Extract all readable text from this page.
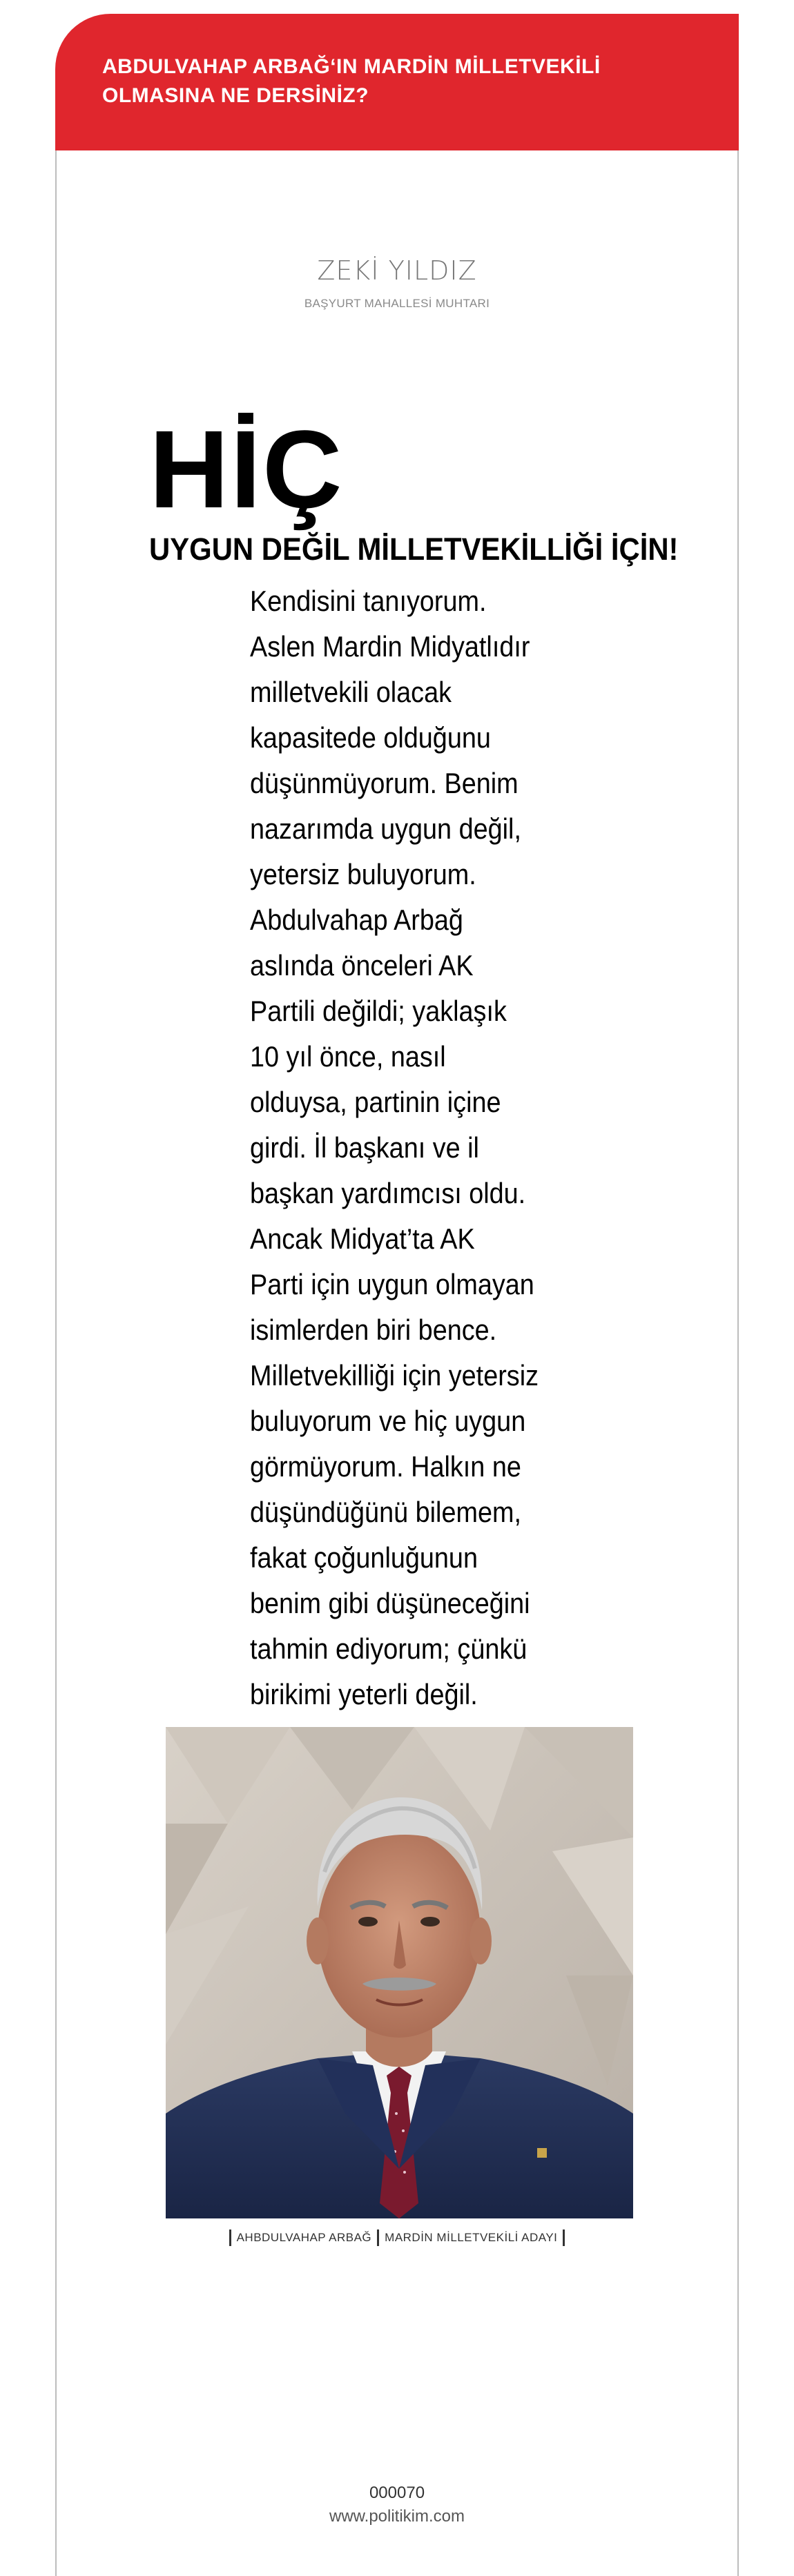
ABDULVAHAP ARBAĞ‘IN MARDİN MİLLETVEKİLİ
OLMASINA NE DERSİNİZ?
ZEKİ YILDIZ
BAŞYURT MAHALLESİ MUHTARI
HİÇ
UYGUN DEĞİL MİLLETVEKİLLİĞİ İÇİN!
Kendisini tanıyorum.
Aslen Mardin Midyatlıdır
milletvekili olacak
kapasitede olduğunu
düşünmüyorum. Benim
nazarımda uygun değil,
yetersiz buluyorum.
Abdulvahap Arbağ
aslında önceleri AK
Partili değildi; yaklaşık
10 yıl önce, nasıl
olduysa, partinin içine
girdi. İl başkanı ve il
başkan yardımcısı oldu.
Ancak Midyat’ta AK
Parti için uygun olmayan
isimlerden biri bence.
Milletvekilliği için yetersiz
buluyorum ve hiç uygun
görmüyorum. Halkın ne
düşündüğünü bilemem,
fakat çoğunluğunun
benim gibi düşüneceğini
tahmin ediyorum; çünkü
birikimi yeterli değil.
AHBDULVAHAP ARBAĞ MARDİN MİLLETVEKİLİ ADAYI
000070
www.politikim.com
